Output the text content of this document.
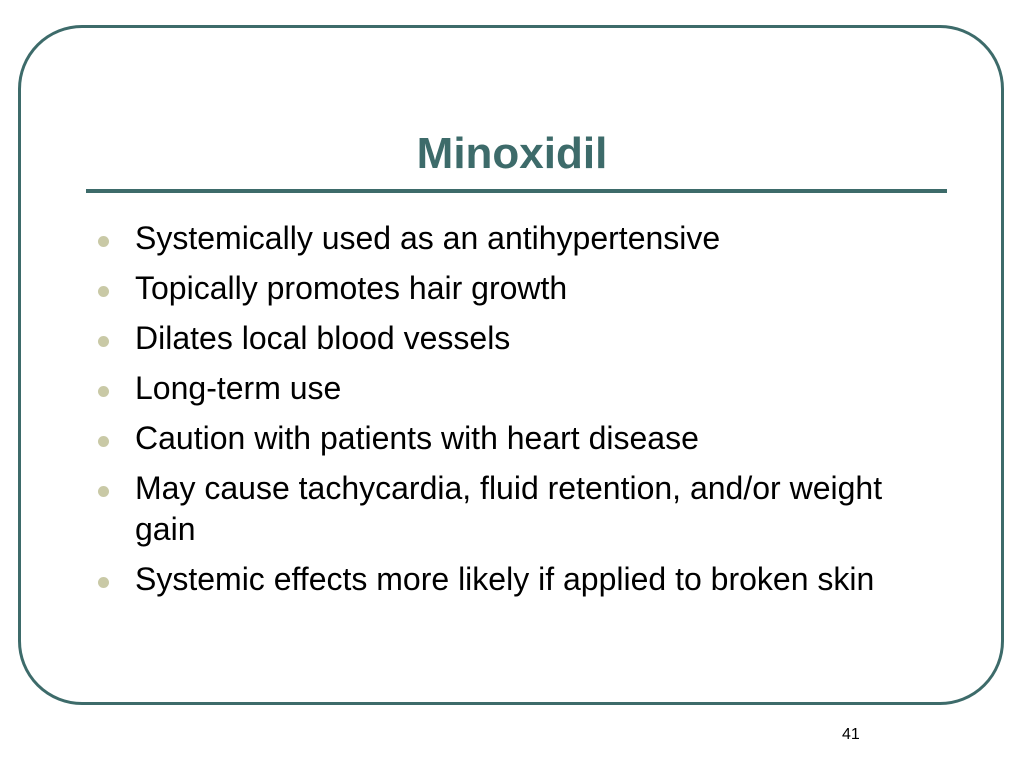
Minoxidil
Systemically used as an antihypertensive
Topically promotes hair growth
Dilates local blood vessels
Long-term use
Caution with patients with heart disease
May cause tachycardia, fluid retention, and/or weight gain
Systemic effects more likely if applied to broken skin
41
